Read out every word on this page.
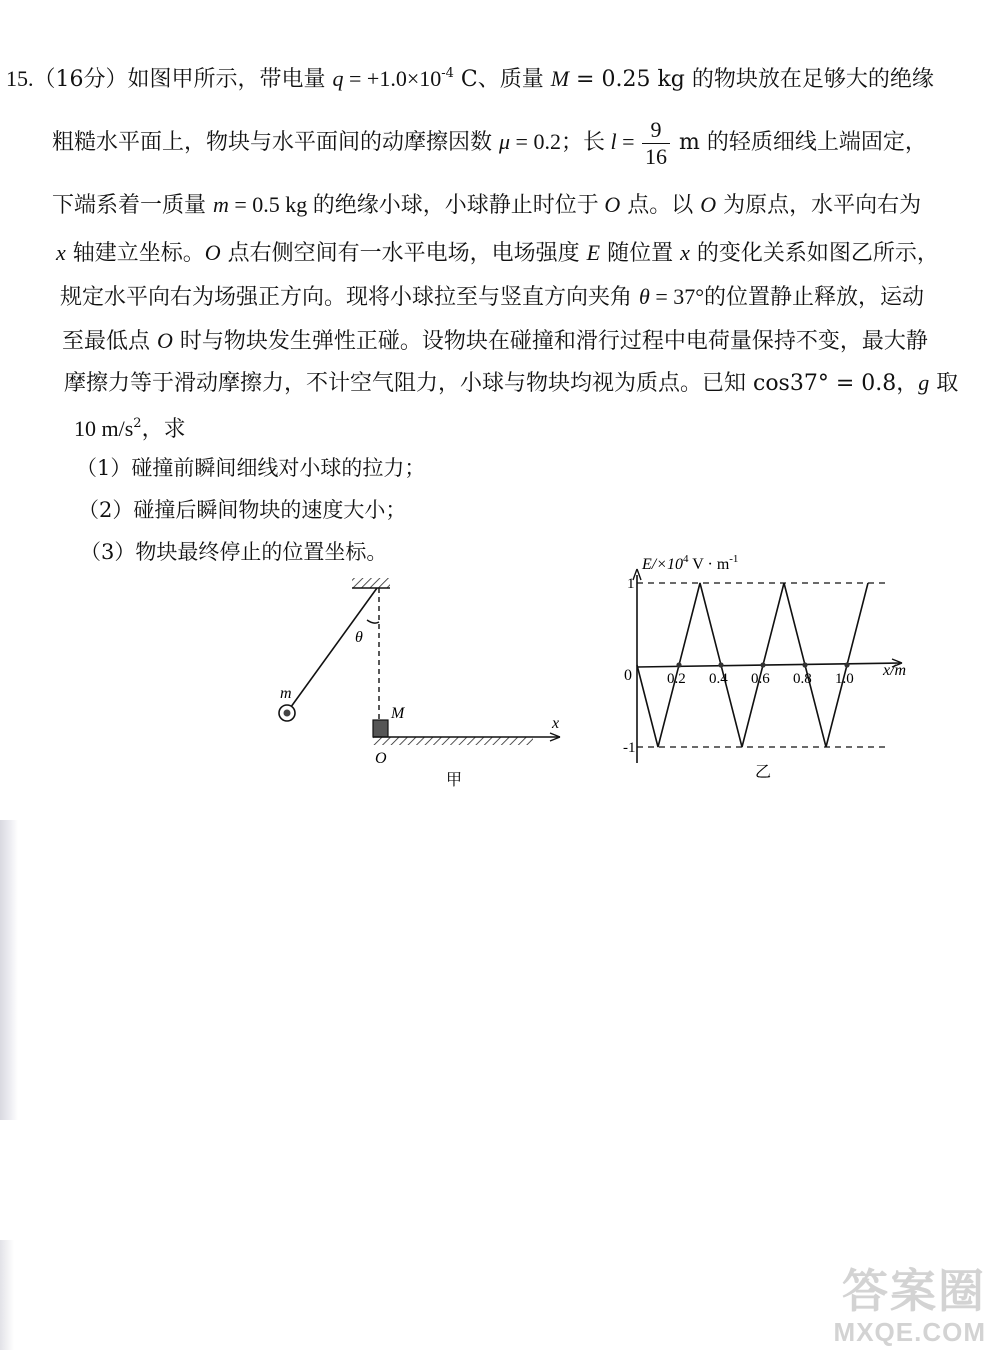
15.（16分）如图甲所示，带电量 $q = +1.0\times 10^{-4}$ C、质量 M = 0.25 kg 的物块放在足够大的绝缘
粗糙水平面上，物块与水平面间的动摩擦因数 μ = 0.2；长 $l = \frac{9}{16}$ m 的轻质细线上端固定，
下端系着一质量 m = 0.5 kg 的绝缘小球，小球静止时位于 O 点。以 O 为原点，水平向右为
x 轴建立坐标。O 点右侧空间有一水平电场，电场强度 E 随位置 x 的变化关系如图乙所示，
规定水平向右为场强正方向。现将小球拉至与竖直方向夹角 θ = 37°的位置静止释放，运动
至最低点 O 时与物块发生弹性正碰。设物块在碰撞和滑行过程中电荷量保持不变，最大静
摩擦力等于滑动摩擦力，不计空气阻力，小球与物块均视为质点。已知 cos37° = 0.8，g 取
10 $m/s^2$，求
（1）碰撞前瞬间细线对小球的拉力；
（2）碰撞后瞬间物块的速度大小；
（3）物块最终停止的位置坐标。
θ
m
M
x
O
甲
$E/\times 10^4$ $V \cdot m^{-1}$
x/m
0
1
-1
0.2 0.4 0.6 0.8 1.0
乙
答案圈
MXQE.COM
